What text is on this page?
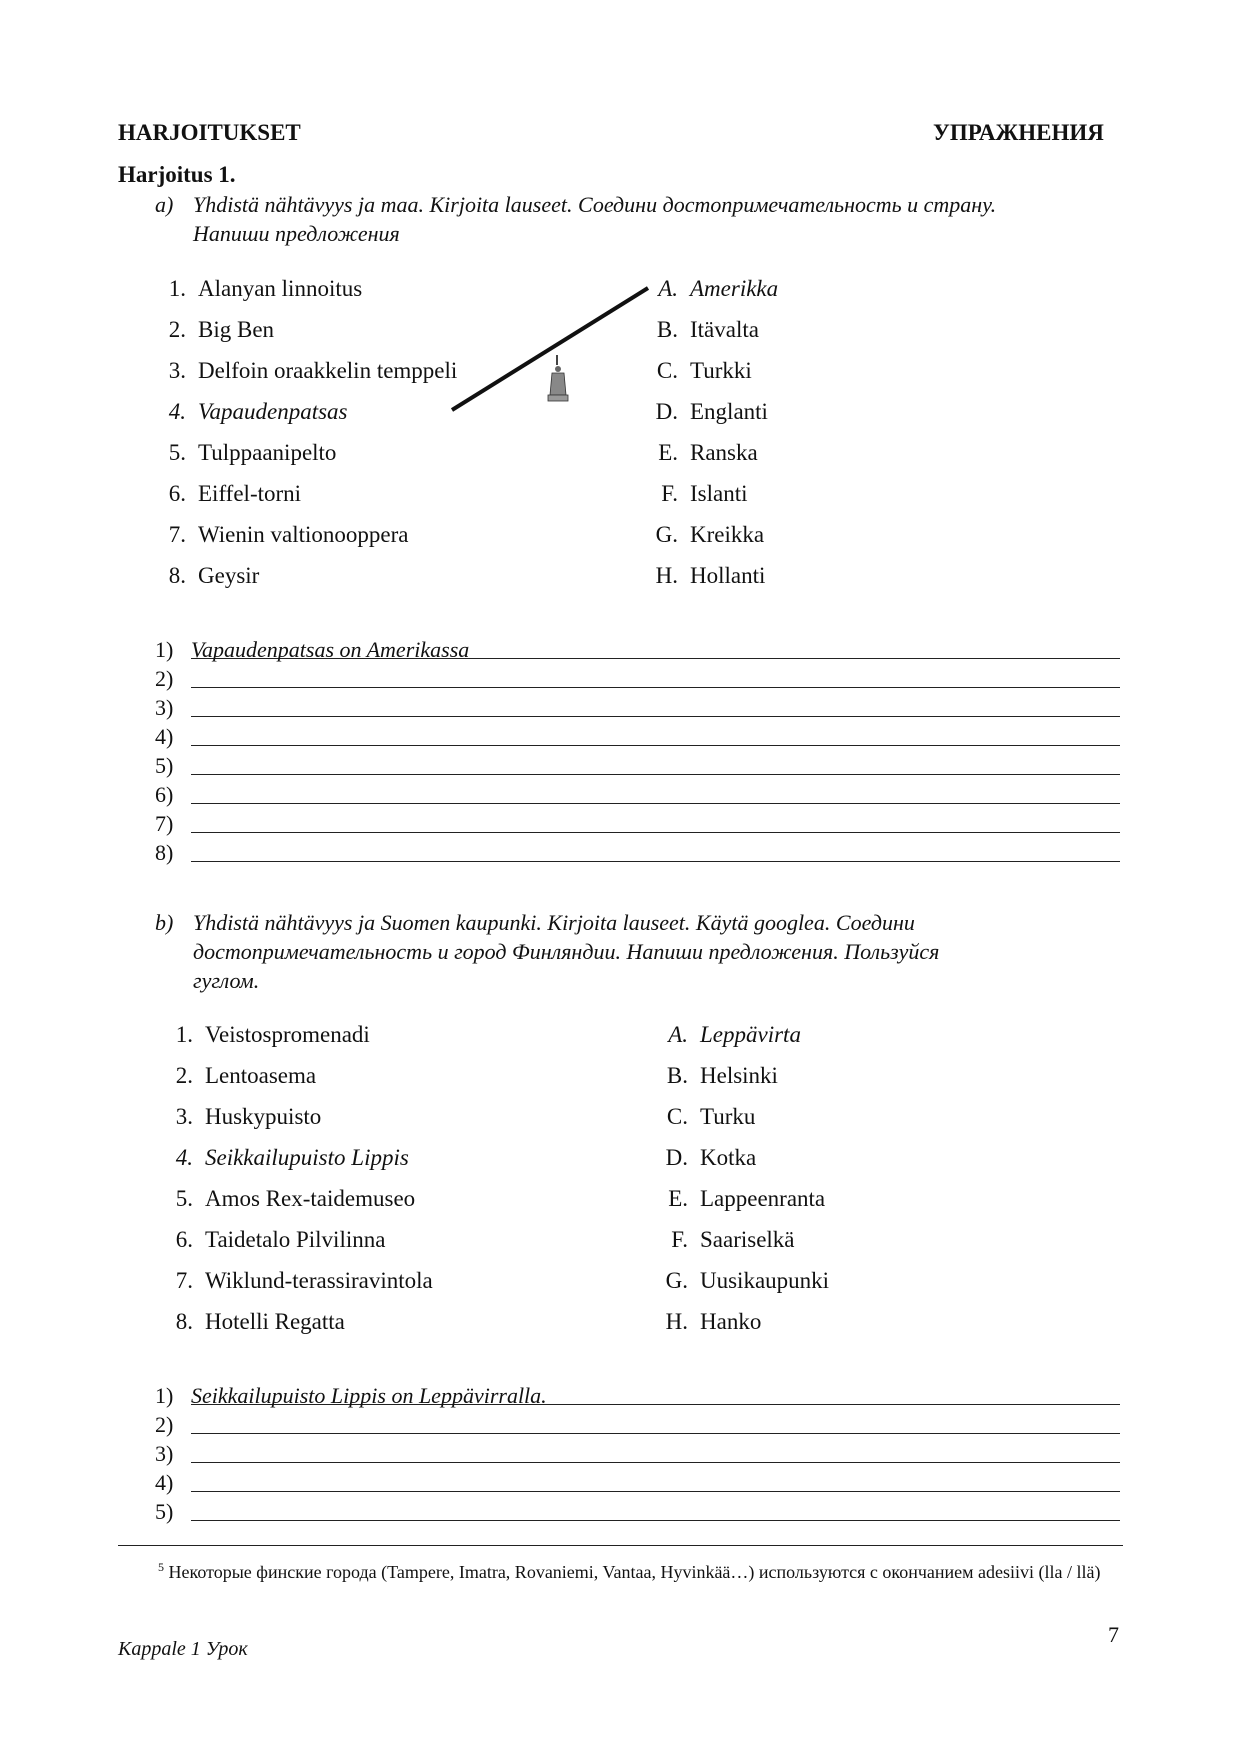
HARJOITUKSET	УПРАЖНЕНИЯ
Harjoitus 1.
a) Yhdistä nähtävyys ja maa. Kirjoita lauseet. Соедини достопримечательность и страну.
Напиши предложения
1. Alanyan linnoitus
2. Big Ben
3. Delfoin oraakkelin temppeli
4. Vapaudenpatsas
5. Tulppaanipelto
6. Eiffel-torni
7. Wienin valtionooppera
8. Geysir
A. Amerikka
B. Itävalta
C. Turkki
D. Englanti
E. Ranska
F. Islanti
G. Kreikka
H. Hollanti
1) Vapaudenpatsas on Amerikassa
2)
3)
4)
5)
6)
7)
8)
b) Yhdistä nähtävyys ja Suomen kaupunki. Kirjoita lauseet. Käytä googlea. Соедини
достопримечательность и город Финляндии. Напиши предложения. Пользуйся
гуглом.
1. Veistospromenadi
2. Lentoasema
3. Huskypuisto
4. Seikkailupuisto Lippis
5. Amos Rex-taidemuseo
6. Taidetalo Pilvilinna
7. Wiklund-terassiravintola
8. Hotelli Regatta
A. Leppävirta
B. Helsinki
C. Turku
D. Kotka
E. Lappeenranta
F. Saariselkä
G. Uusikaupunki
H. Hanko
1) Seikkailupuisto Lippis on Leppävirralla.
2)
3)
4)
5)
$^5$ Некоторые финские города (Tampere, Imatra, Rovaniemi, Vantaa, Hyvinkää…) используются с окончанием adesiivi (lla / llä)
Kappale 1 Урок
7
